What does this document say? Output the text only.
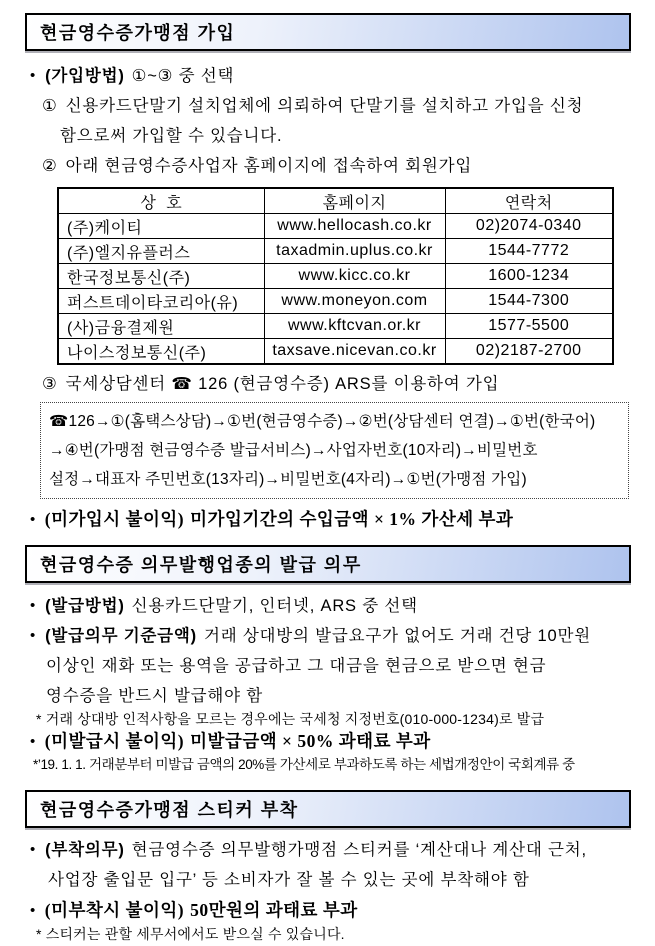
현금영수증가맹점 가입
• (가입방법) ①~③ 중 선택
① 신용카드단말기 설치업체에 의뢰하여 단말기를 설치하고 가입을 신청
함으로써 가입할 수 있습니다.
② 아래 현금영수증사업자 홈페이지에 접속하여 회원가입
상  호	홈페이지	연락처
(주)케이티	www.hellocash.co.kr	02)2074-0340
(주)엘지유플러스	taxadmin.uplus.co.kr	1544-7772
한국정보통신(주)	www.kicc.co.kr	1600-1234
퍼스트데이타코리아(유)	www.moneyon.com	1544-7300
(사)금융결제원	www.kftcvan.or.kr	1577-5500
나이스정보통신(주)	taxsave.nicevan.co.kr	02)2187-2700
③ 국세상담센터 ☎ 126 (현금영수증) ARS를 이용하여 가입
☎126→①(홈택스상담)→①번(현금영수증)→②번(상담센터 연결)→①번(한국어)
→④번(가맹점 현금영수증 발급서비스)→사업자번호(10자리)→비밀번호
설정→대표자 주민번호(13자리)→비밀번호(4자리)→①번(가맹점 가입)
• (미가입시 불이익) 미가입기간의 수입금액 × 1% 가산세 부과
현금영수증 의무발행업종의 발급 의무
• (발급방법) 신용카드단말기, 인터넷, ARS 중 선택
• (발급의무 기준금액) 거래 상대방의 발급요구가 없어도 거래 건당 10만원
이상인 재화 또는 용역을 공급하고 그 대금을 현금으로 받으면 현금
영수증을 반드시 발급해야 함
* 거래 상대방 인적사항을 모르는 경우에는 국세청 지정번호(010-000-1234)로 발급
• (미발급시 불이익) 미발급금액 × 50% 과태료 부과
*’19. 1. 1. 거래분부터 미발급 금액의 20%를 가산세로 부과하도록 하는 세법개정안이 국회계류 중
현금영수증가맹점 스티커 부착
• (부착의무) 현금영수증 의무발행가맹점 스티커를 ‘계산대나 계산대 근처,
사업장 출입문 입구’ 등 소비자가 잘 볼 수 있는 곳에 부착해야 함
• (미부착시 불이익) 50만원의 과태료 부과
* 스티커는 관할 세무서에서도 받으실 수 있습니다.
